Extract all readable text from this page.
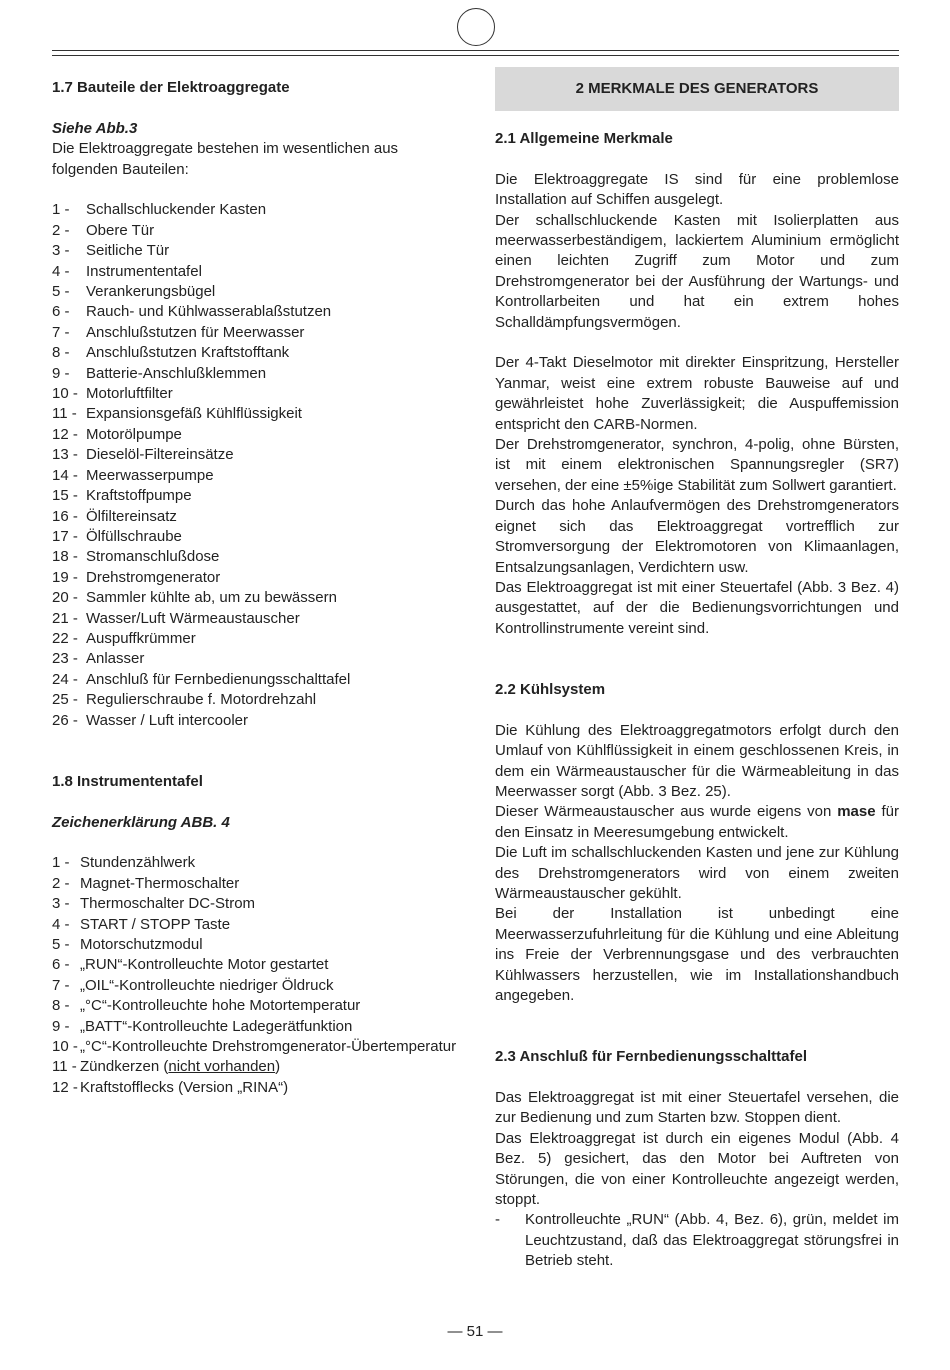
1.7 Bauteile der Elektroaggregate

Siehe Abb.3

Die Elektroaggregate bestehen im wesentlichen aus folgenden Bauteilen:

1 -	Schallschluckender Kasten
2 -	Obere Tür
3 -	Seitliche Tür
4 -	Instrumententafel
5 -	Verankerungsbügel
6 -	Rauch- und Kühlwasserablaßstutzen
7 -	Anschlußstutzen für Meerwasser
8 -	Anschlußstutzen Kraftstofftank
9 -	Batterie-Anschlußklemmen
10 - Motorluftfilter
11 - Expansionsgefäß Kühlflüssigkeit
12 - Motorölpumpe
13 - Dieselöl-Filtereinsätze
14 - Meerwasserpumpe
15 - Kraftstoffpumpe
16 - Ölfiltereinsatz
17 - Ölfüllschraube
18 - Stromanschlußdose
19 - Drehstromgenerator
20 - Sammler kühlte ab, um zu bewässern
21 - Wasser/Luft Wärmeaustauscher
22 - Auspuffkrümmer
23 - Anlasser
24 - Anschluß für Fernbedienungsschalttafel
25 - Regulierschraube f. Motordrehzahl
26 - Wasser / Luft intercooler

1.8 Instrumententafel

Zeichenerklärung ABB. 4

1 - Stundenzählwerk
2 - Magnet-Thermoschalter
3 - Thermoschalter DC-Strom
4 - START / STOPP Taste
5 - Motorschutzmodul
6 - „RUN“-Kontrolleuchte Motor gestartet
7 - „OIL“-Kontrolleuchte niedriger Öldruck
8 - „°C“-Kontrolleuchte hohe Motortemperatur
9 - „BATT“-Kontrolleuchte Ladegerätfunktion
10 - „°C“-Kontrolleuchte Drehstromgenerator-Übertemperatur
11 - Zündkerzen (nicht vorhanden)
12 - Kraftstofflecks (Version „RINA“)
2 MERKMALE DES GENERATORS

2.1 Allgemeine Merkmale

Die Elektroaggregate IS sind für eine problemlose Installation auf Schiffen ausgelegt.

Der schallschluckende Kasten mit Isolierplatten aus meerwasserbeständigem, lackiertem Aluminium ermöglicht einen leichten Zugriff zum Motor und zum Drehstromgenerator bei der Ausführung der Wartungs- und Kontrollarbeiten und hat ein extrem hohes Schalldämpfungsvermögen.

Der 4-Takt Dieselmotor mit direkter Einspritzung, Hersteller Yanmar, weist eine extrem robuste Bauweise auf und gewährleistet hohe Zuverlässigkeit; die Auspuffemission entspricht den CARB-Normen.

Der Drehstromgenerator, synchron, 4-polig, ohne Bürsten, ist mit einem elektronischen Spannungsregler (SR7) versehen, der eine ±5%ige Stabilität zum Sollwert garantiert.

Durch das hohe Anlaufvermögen des Drehstromgenerators eignet sich das Elektroaggregat vortrefflich zur Stromversorgung der Elektromotoren von Klimaanlagen, Entsalzungsanlagen, Verdichtern usw.

Das Elektroaggregat ist mit einer Steuertafel (Abb. 3 Bez. 4) ausgestattet, auf der die Bedienungsvorrichtungen und Kontrollinstrumente vereint sind.

2.2 Kühlsystem

Die Kühlung des Elektroaggregatmotors erfolgt durch den Umlauf von Kühlflüssigkeit in einem geschlossenen Kreis, in dem ein Wärmeaustauscher für die Wärmeableitung in das Meerwasser sorgt (Abb. 3 Bez. 25).

Dieser Wärmeaustauscher aus wurde eigens von mase für den Einsatz in Meeresumgebung entwickelt.

Die Luft im schallschluckenden Kasten und jene zur Kühlung des Drehstromgenerators wird von einem zweiten Wärmeaustauscher gekühlt.

Bei der Installation ist unbedingt eine Meerwasserzufuhrleitung für die Kühlung und eine Ableitung ins Freie der Verbrennungsgase und des verbrauchten Kühlwassers herzustellen, wie im Installationshandbuch angegeben.

2.3 Anschluß für Fernbedienungsschalttafel

Das Elektroaggregat ist mit einer Steuertafel versehen, die zur Bedienung und zum Starten bzw. Stoppen dient.

Das Elektroaggregat ist durch ein eigenes Modul (Abb. 4 Bez. 5) gesichert, das den Motor bei Auftreten von Störungen, die von einer Kontrolleuchte angezeigt werden, stoppt.

-	Kontrolleuchte „RUN“ (Abb. 4, Bez. 6), grün, meldet im Leuchtzustand, daß das Elektroaggregat störungsfrei in Betrieb steht.
— 51 —
